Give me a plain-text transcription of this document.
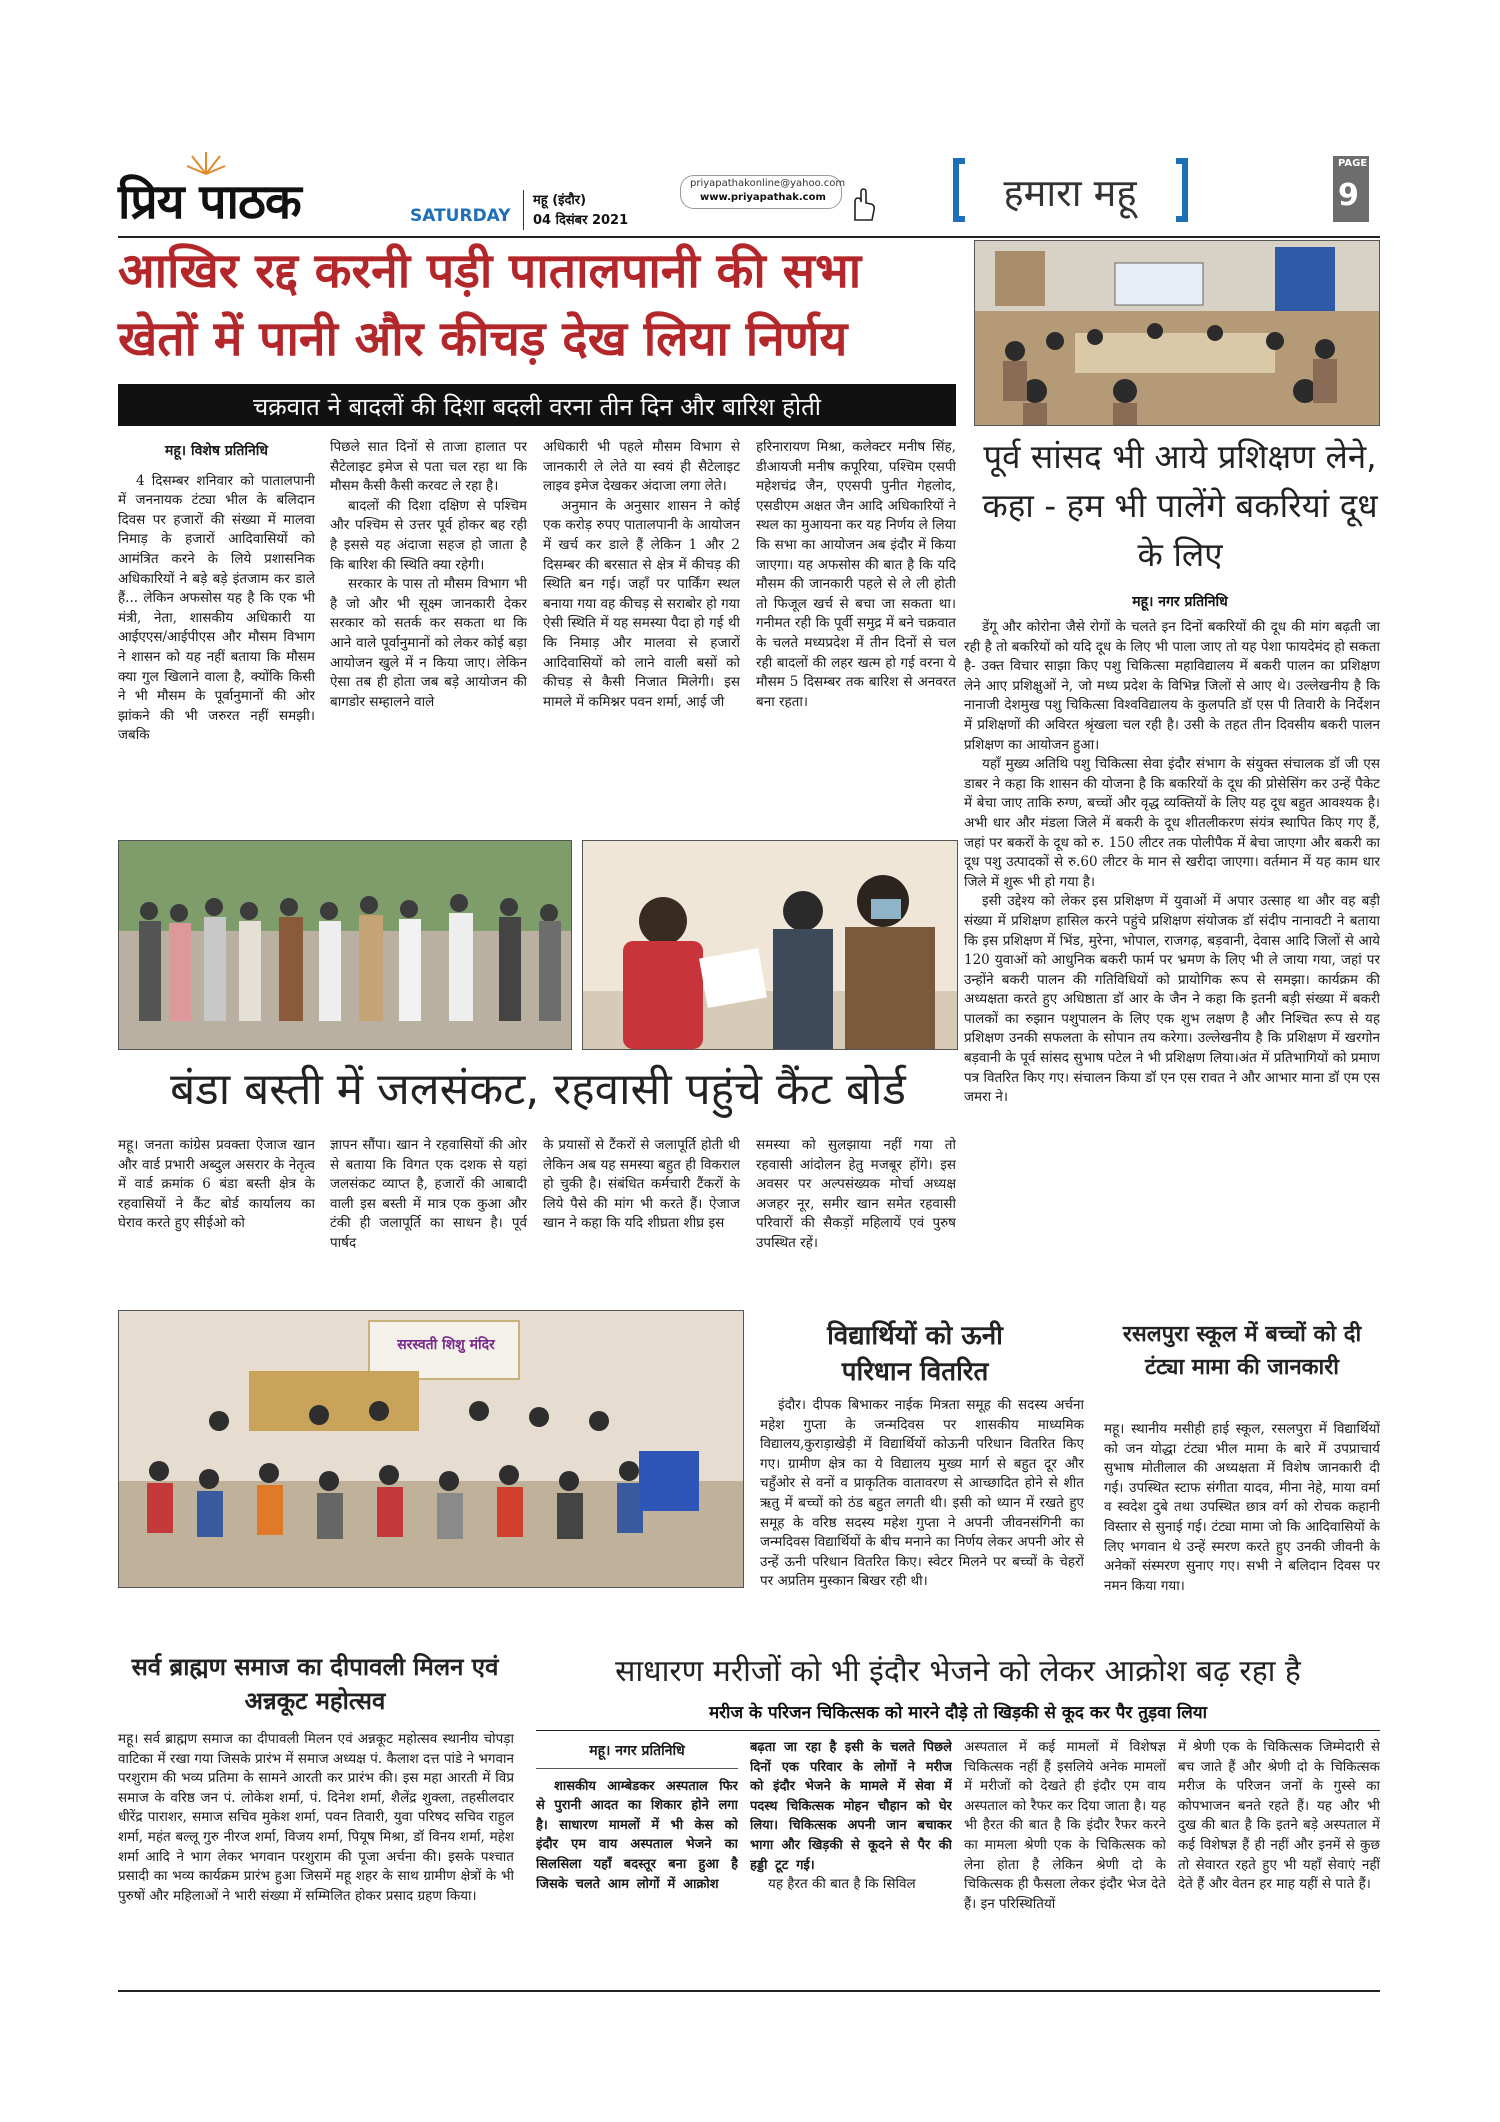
प्रिय पाठक	SATURDAY
महू (इंदौर)
04 दिसंबर 2021
priyapathakonline@yahoo.com
www.priyapathak.com	हमारा महू
PAGE
9
आखिर रद्द करनी पड़ी पातालपानी की सभा
खेतों में पानी और कीचड़ देख लिया निर्णय
चक्रवात ने बादलों की दिशा बदली वरना तीन दिन और बारिश होती

महू। विशेष प्रतिनिधि

4 दिसम्बर शनिवार को पातालपानी में जननायक टंट्या भील के बलिदान दिवस पर हजारों की संख्या में मालवा निमाड़ के हजारों आदिवासियों को आमंत्रित करने के लिये प्रशासनिक अधिकारियों ने बड़े बड़े इंतजाम कर डाले हैं... लेकिन अफसोस यह है कि एक भी मंत्री, नेता, शासकीय अधिकारी या आईएएस/आईपीएस और मौसम विभाग ने शासन को यह नहीं बताया कि मौसम क्या गुल खिलाने वाला है, क्योंकि किसी ने भी मौसम के पूर्वानुमानों की ओर झांकने की भी जरुरत नहीं समझी। जबकि

पिछले सात दिनों से ताजा हालात पर सैटेलाइट इमेज से पता चल रहा था कि मौसम कैसी कैसी करवट ले रहा है।

बादलों की दिशा दक्षिण से पश्चिम और पश्चिम से उत्तर पूर्व होकर बह रही है इससे यह अंदाजा सहज हो जाता है कि बारिश की स्थिति क्या रहेगी।

सरकार के पास तो मौसम विभाग भी है जो और भी सूक्ष्म जानकारी देकर सरकार को सतर्क कर सकता था कि आने वाले पूर्वानुमानों को लेकर कोई बड़ा आयोजन खुले में न किया जाए। लेकिन ऐसा तब ही होता जब बड़े आयोजन की बागडोर सम्हालने वाले

अधिकारी भी पहले मौसम विभाग से जानकारी ले लेते या स्वयं ही सैटेलाइट लाइव इमेज देखकर अंदाजा लगा लेते।

अनुमान के अनुसार शासन ने कोई एक करोड़ रुपए पातालपानी के आयोजन में खर्च कर डाले हैं लेकिन 1 और 2 दिसम्बर की बरसात से क्षेत्र में कीचड़ की स्थिति बन गई। जहाँ पर पार्किंग स्थल बनाया गया वह कीचड़ से सराबोर हो गया ऐसी स्थिति में यह समस्या पैदा हो गई थी कि निमाड़ और मालवा से हजारों आदिवासियों को लाने वाली बसों को कीचड़ से कैसी निजात मिलेगी। इस मामले में कमिश्नर पवन शर्मा, आई जी

हरिनारायण मिश्रा, कलेक्टर मनीष सिंह, डीआयजी मनीष कपूरिया, पश्चिम एसपी महेशचंद्र जैन, एएसपी पुनीत गेहलोद, एसडीएम अक्षत जैन आदि अधिकारियों ने स्थल का मुआयना कर यह निर्णय ले लिया कि सभा का आयोजन अब इंदौर में किया जाएगा। यह अफसोस की बात है कि यदि मौसम की जानकारी पहले से ले ली होती तो फिजूल खर्च से बचा जा सकता था। गनीमत रही कि पूर्वी समुद्र में बने चक्रवात के चलते मध्यप्रदेश में तीन दिनों से चल रही बादलों की लहर खत्म हो गई वरना ये मौसम 5 दिसम्बर तक बारिश से अनवरत बना रहता।

पूर्व सांसद भी आये प्रशिक्षण लेने, कहा - हम भी पालेंगे बकरियां दूध के लिए
महू। नगर प्रतिनिधि

डेंगू और कोरोना जैसे रोगों के चलते इन दिनों बकरियों की दूध की मांग बढ़ती जा रही है तो बकरियों को यदि दूध के लिए भी पाला जाए तो यह पेशा फायदेमंद हो सकता है- उक्त विचार साझा किए पशु चिकित्सा महाविद्यालय में बकरी पालन का प्रशिक्षण लेने आए प्रशिक्षुओं ने, जो मध्य प्रदेश के विभिन्न जिलों से आए थे। उल्लेखनीय है कि नानाजी देशमुख पशु चिकित्सा विश्वविद्यालय के कुलपति डॉ एस पी तिवारी के निर्देशन में प्रशिक्षणों की अविरत श्रृंखला चल रही है। उसी के तहत तीन दिवसीय बकरी पालन प्रशिक्षण का आयोजन हुआ।

यहाँ मुख्य अतिथि पशु चिकित्सा सेवा इंदौर संभाग के संयुक्त संचालक डॉ जी एस डाबर ने कहा कि शासन की योजना है कि बकरियों के दूध की प्रोसेसिंग कर उन्हें पैकेट में बेचा जाए ताकि रुग्ण, बच्चों और वृद्ध व्यक्तियों के लिए यह दूध बहुत आवश्यक है। अभी धार और मंडला जिले में बकरी के दूध शीतलीकरण संयंत्र स्थापित किए गए हैं, जहां पर बकरों के दूध को रु. 150 लीटर तक पोलीपैक में बेचा जाएगा और बकरी का दूध पशु उत्पादकों से रु.60 लीटर के मान से खरीदा जाएगा। वर्तमान में यह काम धार जिले में शुरू भी हो गया है।

इसी उद्देश्य को लेकर इस प्रशिक्षण में युवाओं में अपार उत्साह था और वह बड़ी संख्या में प्रशिक्षण हासिल करने पहुंचे प्रशिक्षण संयोजक डॉ संदीप नानावटी ने बताया कि इस प्रशिक्षण में भिंड, मुरेना, भोपाल, राजगढ़, बड़वानी, देवास आदि जिलों से आये 120 युवाओं को आधुनिक बकरी फार्म पर भ्रमण के लिए भी ले जाया गया, जहां पर उन्होंने बकरी पालन की गतिविधियों को प्रायोगिक रूप से समझा। कार्यक्रम की अध्यक्षता करते हुए अधिष्ठाता डॉ आर के जैन ने कहा कि इतनी बड़ी संख्या में बकरी पालकों का रुझान पशुपालन के लिए एक शुभ लक्षण है और निश्चित रूप से यह प्रशिक्षण उनकी सफलता के सोपान तय करेगा। उल्लेखनीय है कि प्रशिक्षण में खरगोन बड़वानी के पूर्व सांसद सुभाष पटेल ने भी प्रशिक्षण लिया।अंत में प्रतिभागियों को प्रमाण पत्र वितरित किए गए। संचालन किया डॉ एन एस रावत ने और आभार माना डॉ एम एस जमरा ने।

बंडा बस्ती में जलसंकट, रहवासी पहुंचे कैंट बोर्ड

महू। जनता कांग्रेस प्रवक्ता ऐजाज खान और वार्ड प्रभारी अब्दुल असरार के नेतृत्व में वार्ड क्रमांक 6 बंडा बस्ती क्षेत्र के रहवासियों ने कैंट बोर्ड कार्यालय का घेराव करते हुए सीईओ को

ज्ञापन सौंपा। खान ने रहवासियों की ओर से बताया कि विगत एक दशक से यहां जलसंकट व्याप्त है, हजारों की आबादी वाली इस बस्ती में मात्र एक कुआ और टंकी ही जलापूर्ति का साधन है। पूर्व पार्षद

के प्रयासों से टैंकरों से जलापूर्ति होती थी लेकिन अब यह समस्या बहुत ही विकराल हो चुकी है। संबंधित कर्मचारी टैंकरों के लिये पैसे की मांग भी करते हैं। ऐजाज खान ने कहा कि यदि शीघ्रता शीघ्र इस

समस्या को सुलझाया नहीं गया तो रहवासी आंदोलन हेतु मजबूर होंगे। इस अवसर पर अल्पसंख्यक मोर्चा अध्यक्ष अजहर नूर, समीर खान समेत रहवासी परिवारों की सैकड़ों महिलायें एवं पुरुष उपस्थित रहें।

सरस्वती शिशु मंदिर	विद्यार्थियों को ऊनी परिधान वितरित

इंदौर। दीपक बिभाकर नाईक मित्रता समूह की सदस्य अर्चना महेश गुप्ता के जन्मदिवस पर शासकीय माध्यमिक विद्यालय,कुराड़ाखेड़ी में विद्यार्थियों कोऊनी परिधान वितरित किए गए। ग्रामीण क्षेत्र का ये विद्यालय मुख्य मार्ग से बहुत दूर और चहुँओर से वनों व प्राकृतिक वातावरण से आच्छादित होने से शीत ऋतु में बच्चों को ठंड बहुत लगती थी। इसी को ध्यान में रखते हुए समूह के वरिष्ठ सदस्य महेश गुप्ता ने अपनी जीवनसंगिनी का जन्मदिवस विद्यार्थियों के बीच मनाने का निर्णय लेकर अपनी ओर से उन्हें ऊनी परिधान वितरित किए। स्वेटर मिलने पर बच्चों के चेहरों पर अप्रतिम मुस्कान बिखर रही थी।

रसलपुरा स्कूल में बच्चों को दी टंट्या मामा की जानकारी

महू। स्थानीय मसीही हाई स्कूल, रसलपुरा में विद्यार्थियों को जन योद्धा टंट्या भील मामा के बारे में उपप्राचार्य सुभाष मोतीलाल की अध्यक्षता में विशेष जानकारी दी गई। उपस्थित स्टाफ संगीता यादव, मीना नेहे, माया वर्मा व स्वदेश दुबे तथा उपस्थित छात्र वर्ग को रोचक कहानी विस्तार से सुनाई गई। टंट्या मामा जो कि आदिवासियों के लिए भगवान थे उन्हें स्मरण करते हुए उनकी जीवनी के अनेकों संस्मरण सुनाए गए। सभी ने बलिदान दिवस पर नमन किया गया।

सर्व ब्राह्मण समाज का दीपावली मिलन एवं अन्नकूट महोत्सव

महू। सर्व ब्राह्मण समाज का दीपावली मिलन एवं अन्नकूट महोत्सव स्थानीय चोपड़ा वाटिका में रखा गया जिसके प्रारंभ में समाज अध्यक्ष पं. कैलाश दत्त पांडे ने भगवान परशुराम की भव्य प्रतिमा के सामने आरती कर प्रारंभ की। इस महा आरती में विप्र समाज के वरिष्ठ जन पं. लोकेश शर्मा, पं. दिनेश शर्मा, शैलेंद्र शुक्ला, तहसीलदार धीरेंद्र पाराशर, समाज सचिव मुकेश शर्मा, पवन तिवारी, युवा परिषद सचिव राहुल शर्मा, महंत बल्लू गुरु नीरज शर्मा, विजय शर्मा, पियूष मिश्रा, डॉ विनय शर्मा, महेश शर्मा आदि ने भाग लेकर भगवान परशुराम की पूजा अर्चना की। इसके पश्चात प्रसादी का भव्य कार्यक्रम प्रारंभ हुआ जिसमें महू शहर के साथ ग्रामीण क्षेत्रों के भी पुरुषों और महिलाओं ने भारी संख्या में सम्मिलित होकर प्रसाद ग्रहण किया।

साधारण मरीजों को भी इंदौर भेजने को लेकर आक्रोश बढ़ रहा है
मरीज के परिजन चिकित्सक को मारने दौड़े तो खिड़की से कूद कर पैर तुड़वा लिया

महू। नगर प्रतिनिधि

शासकीय आम्बेडकर अस्पताल फिर से पुरानी आदत का शिकार होने लगा है। साधारण मामलों में भी केस को इंदौर एम वाय अस्पताल भेजने का सिलसिला यहाँ बदस्तूर बना हुआ है जिसके चलते आम लोगों में आक्रोश

बढ़ता जा रहा है इसी के चलते पिछले दिनों एक परिवार के लोगों ने मरीज को इंदौर भेजने के मामले में सेवा में पदस्थ चिकित्सक मोहन चौहान को घेर लिया। चिकित्सक अपनी जान बचाकर भागा और खिड़की से कूदने से पैर की हड्डी टूट गई।

यह हैरत की बात है कि सिविल

अस्पताल में कई मामलों में विशेषज्ञ चिकित्सक नहीं हैं इसलिये अनेक मामलों में मरीजों को देखते ही इंदौर एम वाय अस्पताल को रैफर कर दिया जाता है। यह भी हैरत की बात है कि इंदौर रैफर करने का मामला श्रेणी एक के चिकित्सक को लेना होता है लेकिन श्रेणी दो के चिकित्सक ही फैसला लेकर इंदौर भेज देते हैं। इन परिस्थितियों

में श्रेणी एक के चिकित्सक जिम्मेदारी से बच जाते हैं और श्रेणी दो के चिकित्सक मरीज के परिजन जनों के गुस्से का कोपभाजन बनते रहते हैं। यह और भी दुख की बात है कि इतने बड़े अस्पताल में कई विशेषज्ञ हैं ही नहीं और इनमें से कुछ तो सेवारत रहते हुए भी यहाँ सेवाएं नहीं देते हैं और वेतन हर माह यहीं से पाते हैं।
